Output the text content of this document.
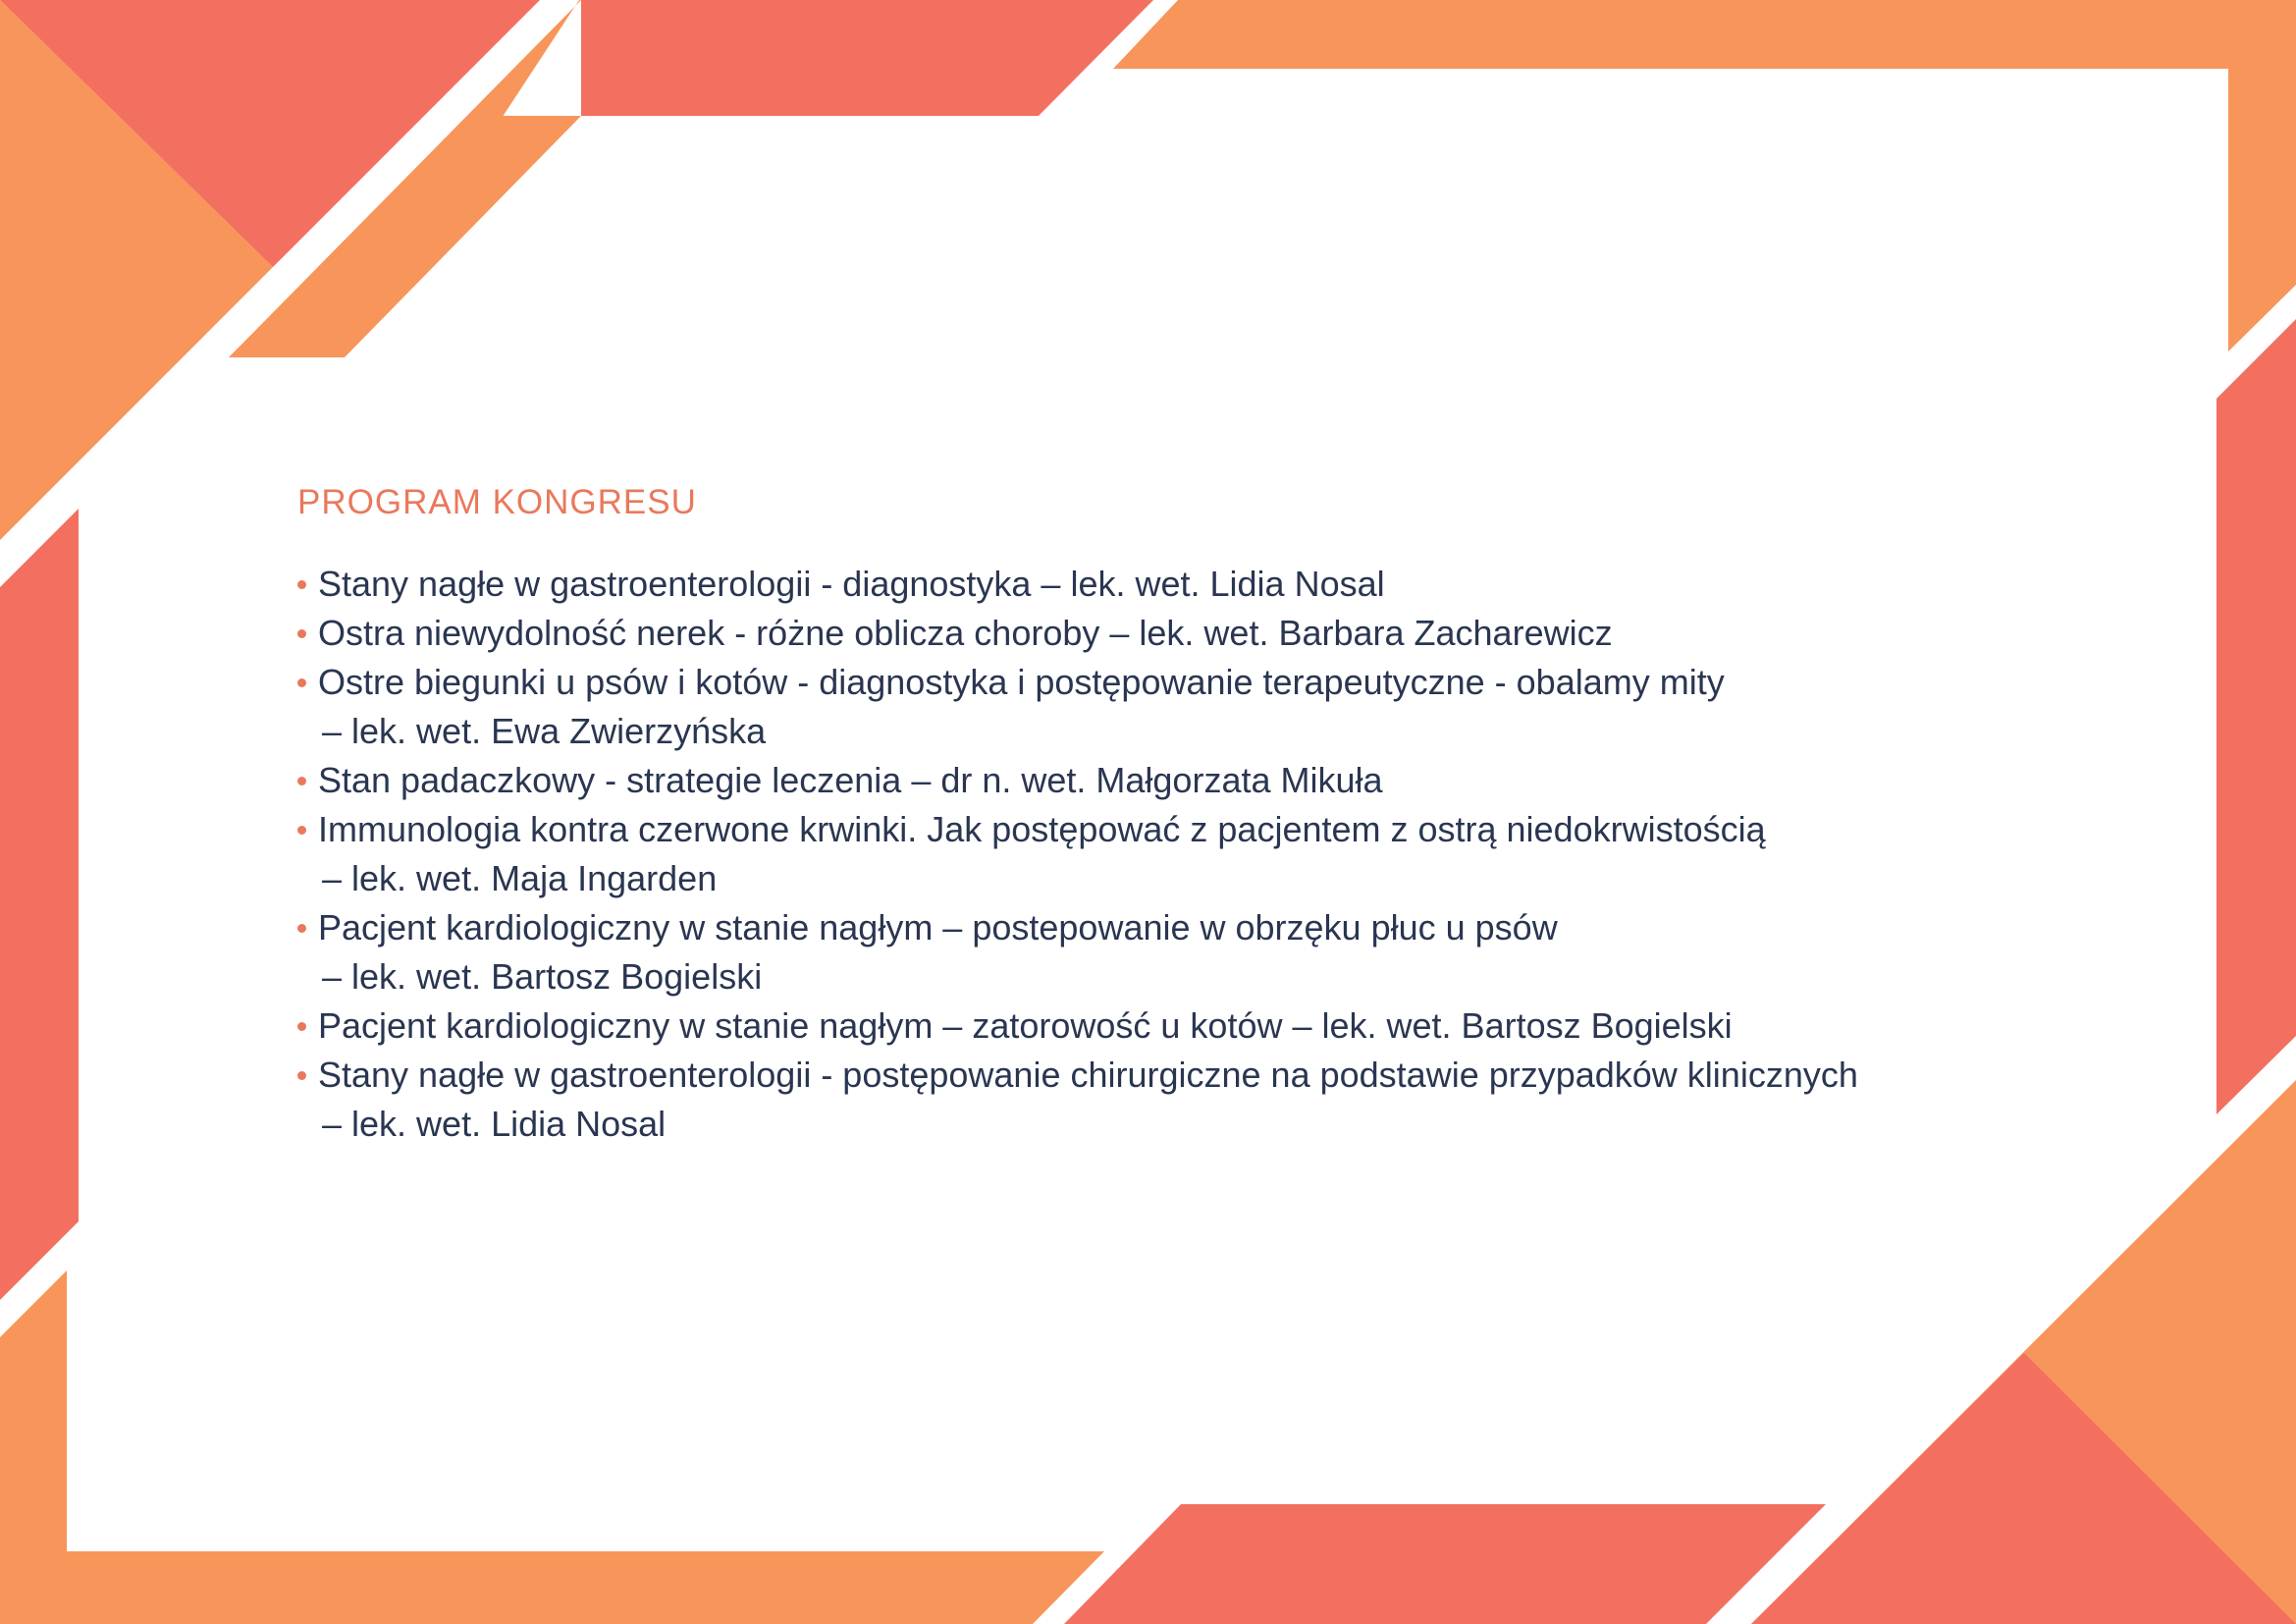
PROGRAM KONGRESU
Stany nagłe w gastroenterologii - diagnostyka – lek. wet. Lidia Nosal
Ostra niewydolność nerek - różne oblicza choroby – lek. wet. Barbara Zacharewicz
Ostre biegunki u psów i kotów - diagnostyka i postępowanie terapeutyczne - obalamy mity
– lek. wet. Ewa Zwierzyńska
Stan padaczkowy - strategie leczenia – dr n. wet. Małgorzata Mikuła
Immunologia kontra czerwone krwinki. Jak postępować z pacjentem z ostrą niedokrwistością
– lek. wet. Maja Ingarden
Pacjent kardiologiczny w stanie nagłym – postepowanie w obrzęku płuc u psów
– lek. wet. Bartosz Bogielski
Pacjent kardiologiczny w stanie nagłym – zatorowość u kotów – lek. wet. Bartosz Bogielski
Stany nagłe w gastroenterologii - postępowanie chirurgiczne na podstawie przypadków klinicznych
– lek. wet. Lidia Nosal
